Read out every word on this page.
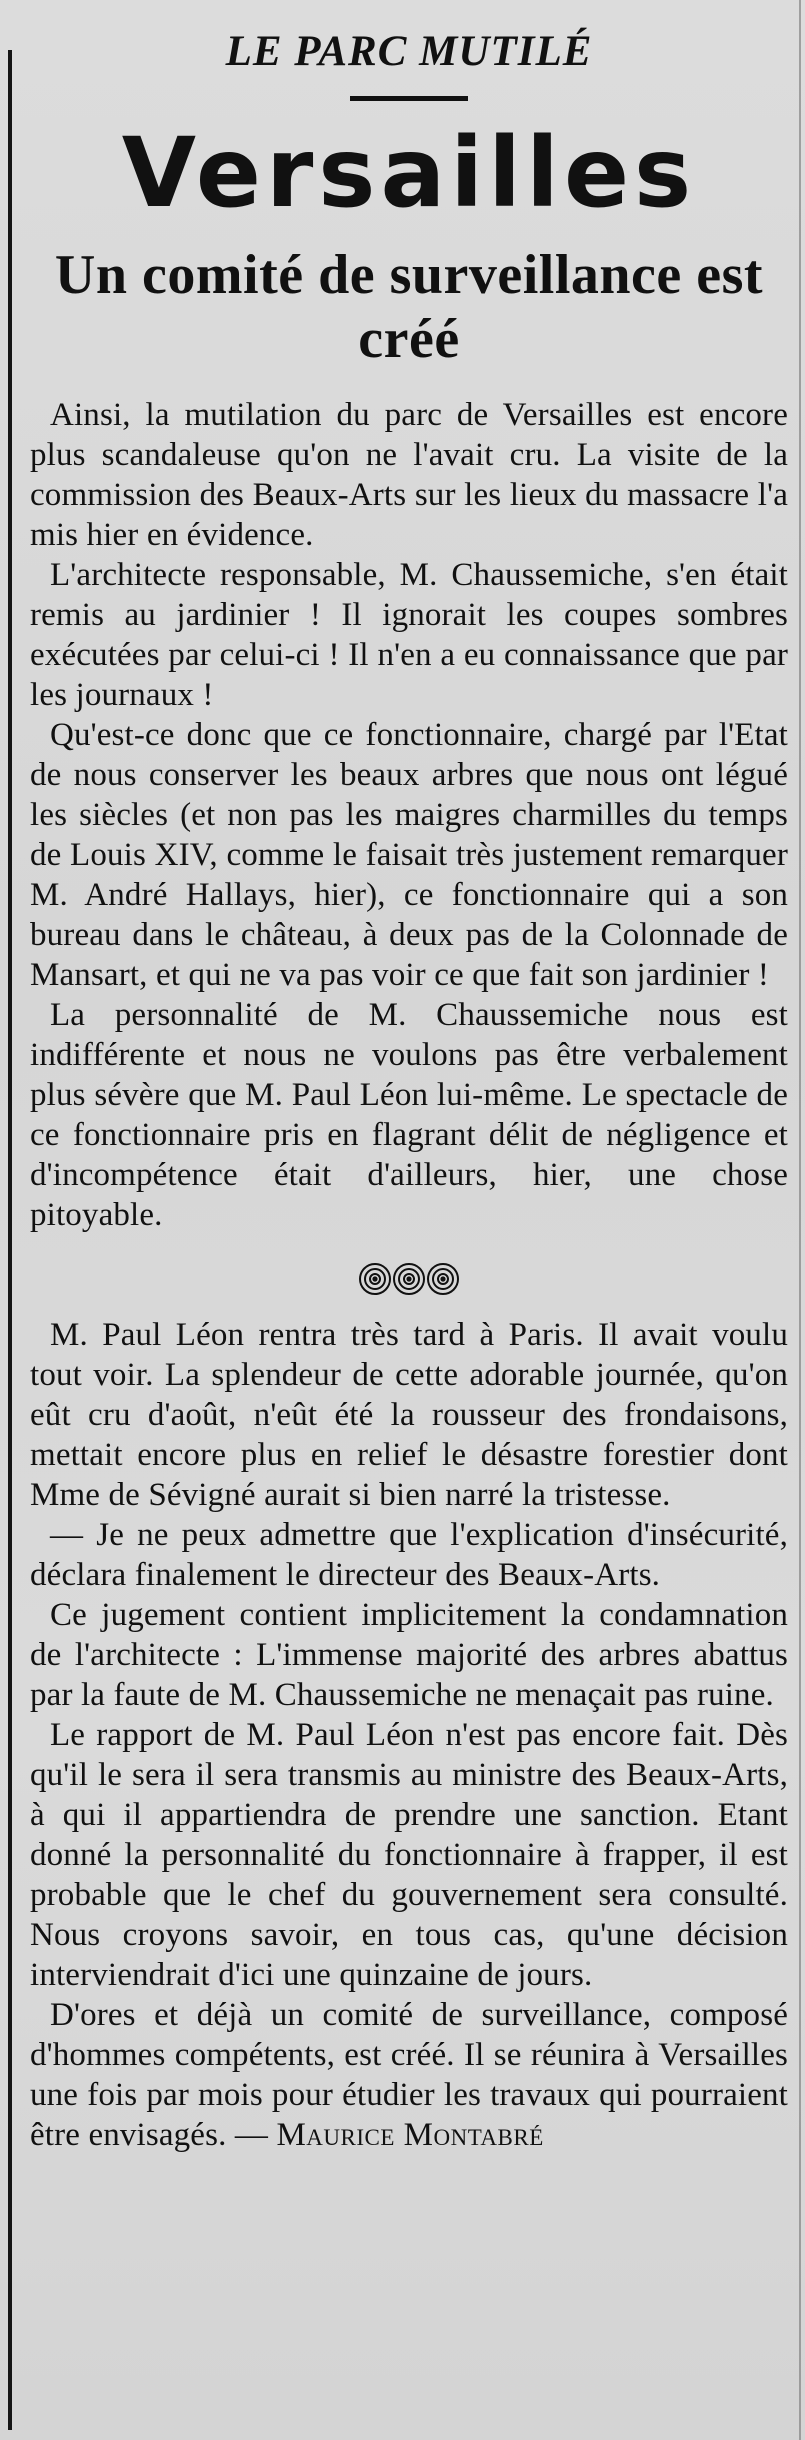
LE PARC MUTILÉ
Versailles
Un comité de surveillance est créé

Ainsi, la mutilation du parc de Versailles est encore plus scandaleuse qu'on ne l'avait cru. La visite de la commission des Beaux-Arts sur les lieux du massacre l'a mis hier en évidence.

L'architecte responsable, M. Chaussemiche, s'en était remis au jardinier ! Il ignorait les coupes sombres exécutées par celui-ci ! Il n'en a eu connaissance que par les journaux !

Qu'est-ce donc que ce fonctionnaire, chargé par l'Etat de nous conserver les beaux arbres que nous ont légué les siècles (et non pas les maigres charmilles du temps de Louis XIV, comme le faisait très justement remarquer M. André Hallays, hier), ce fonctionnaire qui a son bureau dans le château, à deux pas de la Colonnade de Mansart, et qui ne va pas voir ce que fait son jardinier !

La personnalité de M. Chaussemiche nous est indifférente et nous ne voulons pas être verbalement plus sévère que M. Paul Léon lui-même. Le spectacle de ce fonctionnaire pris en flagrant délit de négligence et d'incompétence était d'ailleurs, hier, une chose pitoyable.

M. Paul Léon rentra très tard à Paris. Il avait voulu tout voir. La splendeur de cette adorable journée, qu'on eût cru d'août, n'eût été la rousseur des frondaisons, mettait encore plus en relief le désastre forestier dont Mme de Sévigné aurait si bien narré la tristesse.

— Je ne peux admettre que l'explication d'insécurité, déclara finalement le directeur des Beaux-Arts.

Ce jugement contient implicitement la condamnation de l'architecte : L'immense majorité des arbres abattus par la faute de M. Chaussemiche ne menaçait pas ruine.

Le rapport de M. Paul Léon n'est pas encore fait. Dès qu'il le sera il sera transmis au ministre des Beaux-Arts, à qui il appartiendra de prendre une sanction. Etant donné la personnalité du fonctionnaire à frapper, il est probable que le chef du gouvernement sera consulté. Nous croyons savoir, en tous cas, qu'une décision interviendrait d'ici une quinzaine de jours.

D'ores et déjà un comité de surveillance, composé d'hommes compétents, est créé. Il se réunira à Versailles une fois par mois pour étudier les travaux qui pourraient être envisagés. — Maurice Montabré
